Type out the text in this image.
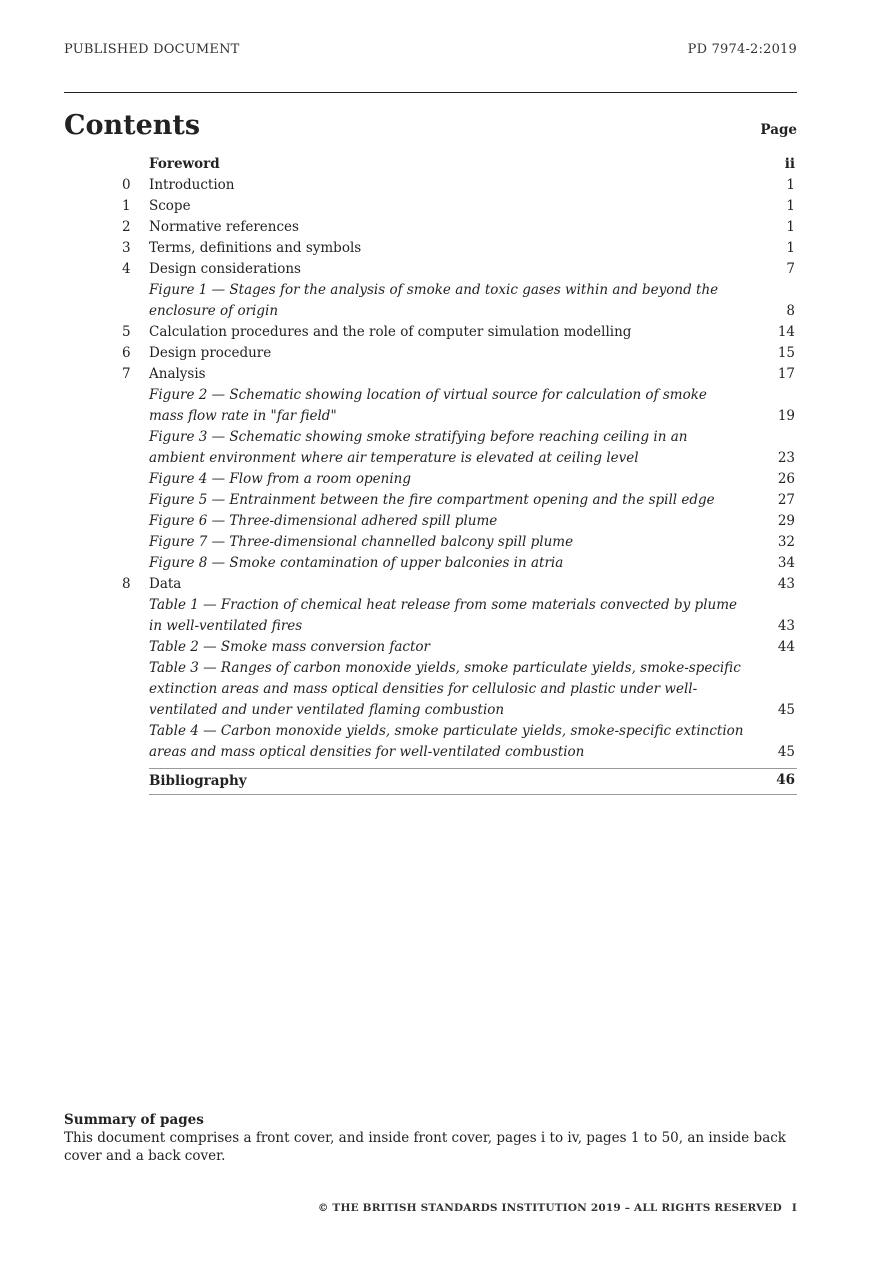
PUBLISHED DOCUMENT	PD 7974-2:2019
Contents	Page
Foreword	ii
0 Introduction	1
1 Scope	1
2 Normative references	1
3 Terms, definitions and symbols	1
4 Design considerations	7
Figure 1 — Stages for the analysis of smoke and toxic gases within and beyond the enclosure of origin	8
5 Calculation procedures and the role of computer simulation modelling	14
6 Design procedure	15
7 Analysis	17
Figure 2 — Schematic showing location of virtual source for calculation of smoke mass flow rate in "far field"	19
Figure 3 — Schematic showing smoke stratifying before reaching ceiling in an ambient environment where air temperature is elevated at ceiling level	23
Figure 4 — Flow from a room opening	26
Figure 5 — Entrainment between the fire compartment opening and the spill edge	27
Figure 6 — Three-dimensional adhered spill plume	29
Figure 7 — Three-dimensional channelled balcony spill plume	32
Figure 8 — Smoke contamination of upper balconies in atria	34
8 Data	43
Table 1 — Fraction of chemical heat release from some materials convected by plume in well-ventilated fires	43
Table 2 — Smoke mass conversion factor	44
Table 3 — Ranges of carbon monoxide yields, smoke particulate yields, smoke-specific extinction areas and mass optical densities for cellulosic and plastic under well-ventilated and under ventilated flaming combustion	45
Table 4 — Carbon monoxide yields, smoke particulate yields, smoke-specific extinction areas and mass optical densities for well-ventilated combustion	45
Bibliography	46
Summary of pages
This document comprises a front cover, and inside front cover, pages i to iv, pages 1 to 50, an inside back cover and a back cover.
© THE BRITISH STANDARDS INSTITUTION 2019 – ALL RIGHTS RESERVED I
